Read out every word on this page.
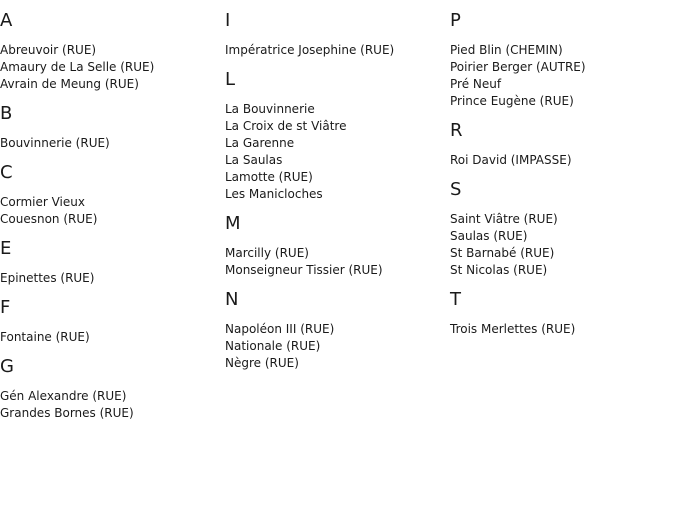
A
Abreuvoir (RUE)
Amaury de La Selle (RUE)
Avrain de Meung (RUE)
B
Bouvinnerie (RUE)
C
Cormier Vieux
Couesnon (RUE)
E
Epinettes (RUE)
F
Fontaine (RUE)
G
Gén Alexandre (RUE)
Grandes Bornes (RUE)
I
Impératrice Josephine (RUE)
L
La Bouvinnerie
La Croix de st Viâtre
La Garenne
La Saulas
Lamotte (RUE)
Les Manicloches
M
Marcilly (RUE)
Monseigneur Tissier (RUE)
N
Napoléon III (RUE)
Nationale (RUE)
Nègre (RUE)
P
Pied Blin (CHEMIN)
Poirier Berger (AUTRE)
Pré Neuf
Prince Eugène (RUE)
R
Roi David (IMPASSE)
S
Saint Viâtre (RUE)
Saulas (RUE)
St Barnabé (RUE)
St Nicolas (RUE)
T
Trois Merlettes (RUE)
